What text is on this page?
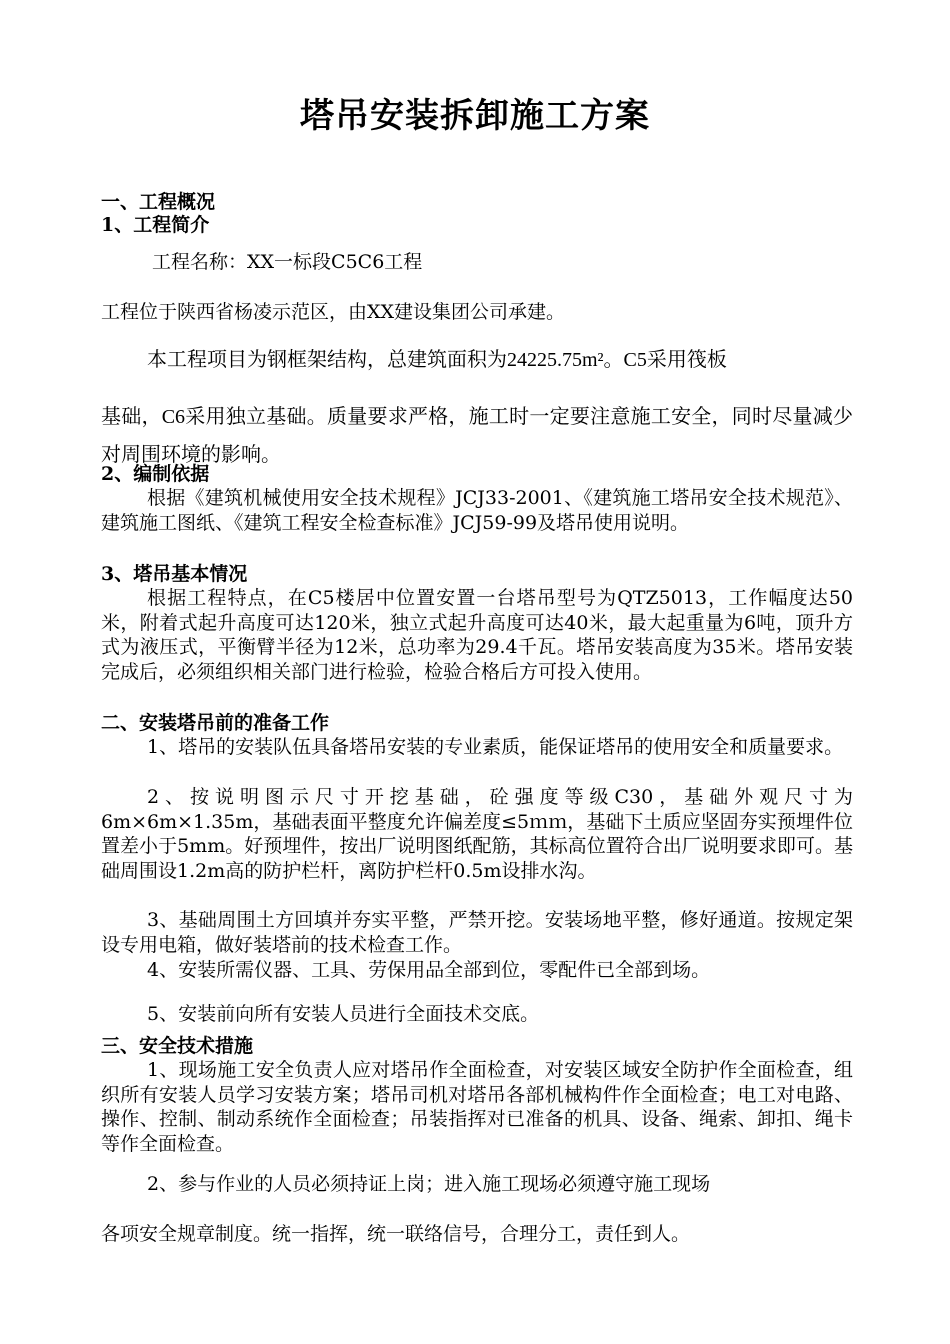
塔吊安装拆卸施工方案
一、工程概况
1、工程简介
工程名称：XX一标段C5C6工程
工程位于陕西省杨凌示范区，由XX建设集团公司承建。
本工程项目为钢框架结构，总建筑面积为24225.75m²。C5采用筏板
基础，C6采用独立基础。质量要求严格，施工时一定要注意施工安全，同时尽量减少对周围环境的影响。
2、编制依据
根据《建筑机械使用安全技术规程》JCJ33-2001、《建筑施工塔吊安全技术规范》、建筑施工图纸、《建筑工程安全检查标准》JCJ59-99及塔吊使用说明。
3、塔吊基本情况
根据工程特点，在C5楼居中位置安置一台塔吊型号为QTZ5013，工作幅度达50米，附着式起升高度可达120米，独立式起升高度可达40米，最大起重量为6吨，顶升方式为液压式，平衡臂半径为12米，总功率为29.4千瓦。塔吊安装高度为35米。塔吊安装完成后，必须组织相关部门进行检验，检验合格后方可投入使用。
二、安装塔吊前的准备工作
1、塔吊的安装队伍具备塔吊安装的专业素质，能保证塔吊的使用安全和质量要求。
2、按说明图示尺寸开挖基础，砼强度等级C30，基础外观尺寸为6m×6m×1.35m，基础表面平整度允许偏差度≤5ｍｍ，基础下土质应坚固夯实预埋件位置差小于5mm。好预埋件，按出厂说明图纸配筋，其标高位置符合出厂说明要求即可。基础周围设1.2m高的防护栏杆，离防护栏杆0.5m设排水沟。
3、基础周围土方回填并夯实平整，严禁开挖。安装场地平整，修好通道。按规定架设专用电箱，做好装塔前的技术检查工作。
4、安装所需仪器、工具、劳保用品全部到位，零配件已全部到场。
5、安装前向所有安装人员进行全面技术交底。
三、安全技术措施
1、现场施工安全负责人应对塔吊作全面检查，对安装区域安全防护作全面检查，组织所有安装人员学习安装方案；塔吊司机对塔吊各部机械构件作全面检查；电工对电路、操作、控制、制动系统作全面检查；吊装指挥对已准备的机具、设备、绳索、卸扣、绳卡等作全面检查。
2、参与作业的人员必须持证上岗；进入施工现场必须遵守施工现场
各项安全规章制度。统一指挥，统一联络信号，合理分工，责任到人。
